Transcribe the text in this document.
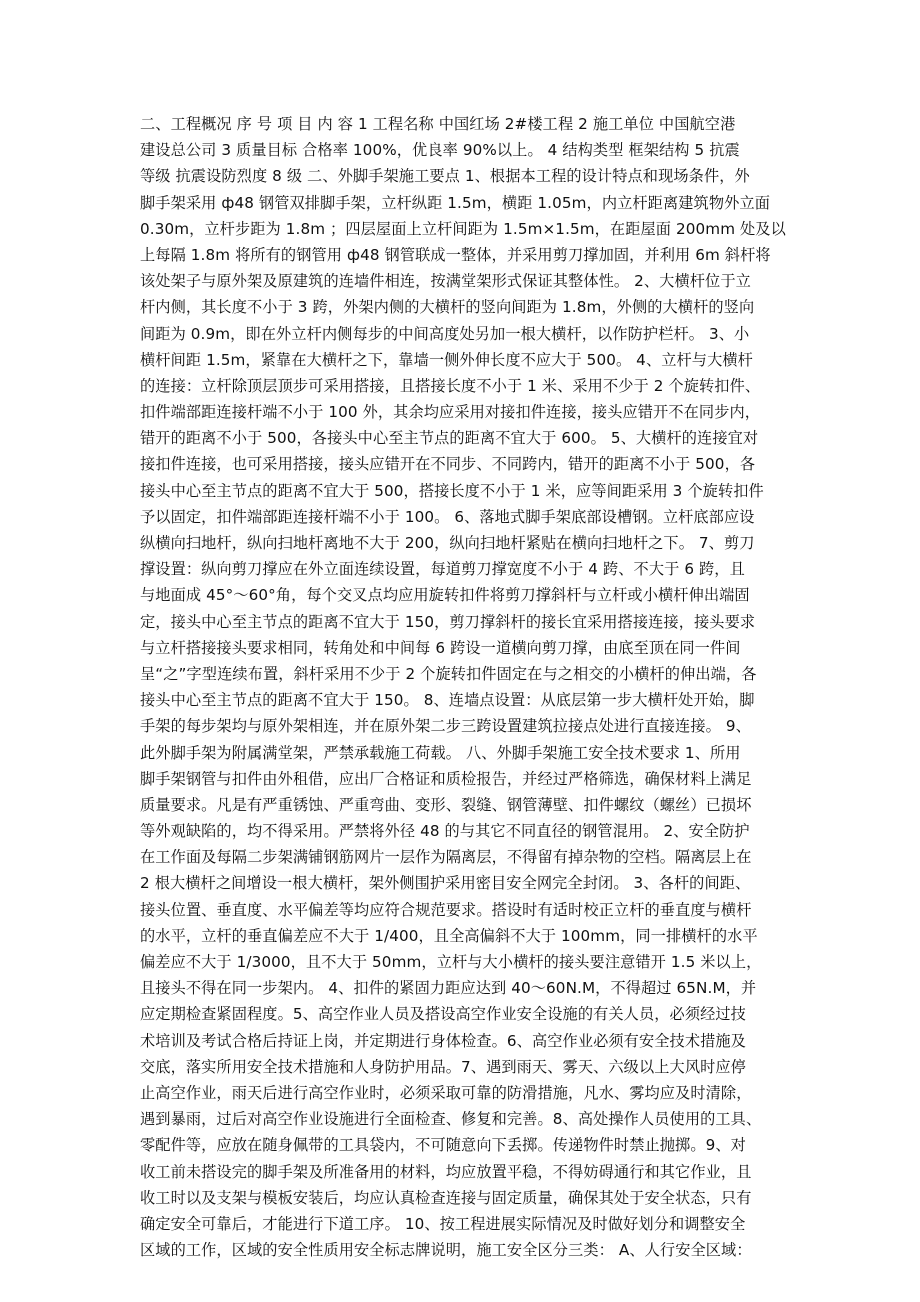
二、工程概况 序 号 项 目 内 容 1 工程名称 中国红场 2#楼工程 2 施工单位 中国航空港
建设总公司 3 质量目标 合格率 100%，优良率 90%以上。 4 结构类型 框架结构 5 抗震
等级 抗震设防烈度 8 级 二、外脚手架施工要点 1、根据本工程的设计特点和现场条件，外
脚手架采用 ф48 钢管双排脚手架，立杆纵距 1.5m，横距 1.05m，内立杆距离建筑物外立面
0.30m，立杆步距为 1.8m ；四层屋面上立杆间距为 1.5m×1.5m，在距屋面 200mm 处及以
上每隔 1.8m 将所有的钢管用 ф48 钢管联成一整体，并采用剪刀撑加固，并利用 6m 斜杆将
该处架子与原外架及原建筑的连墙件相连，按满堂架形式保证其整体性。 2、大横杆位于立
杆内侧，其长度不小于 3 跨，外架内侧的大横杆的竖向间距为 1.8m，外侧的大横杆的竖向
间距为 0.9m，即在外立杆内侧每步的中间高度处另加一根大横杆，以作防护栏杆。 3、小
横杆间距 1.5m，紧靠在大横杆之下，靠墙一侧外伸长度不应大于 500。 4、立杆与大横杆
的连接：立杆除顶层顶步可采用搭接，且搭接长度不小于 1 米、采用不少于 2 个旋转扣件、
扣件端部距连接杆端不小于 100 外，其余均应采用对接扣件连接，接头应错开不在同步内，
错开的距离不小于 500，各接头中心至主节点的距离不宜大于 600。 5、大横杆的连接宜对
接扣件连接，也可采用搭接，接头应错开在不同步、不同跨内，错开的距离不小于 500，各
接头中心至主节点的距离不宜大于 500，搭接长度不小于 1 米，应等间距采用 3 个旋转扣件
予以固定，扣件端部距连接杆端不小于 100。 6、落地式脚手架底部设槽钢。立杆底部应设
纵横向扫地杆，纵向扫地杆离地不大于 200，纵向扫地杆紧贴在横向扫地杆之下。 7、剪刀
撑设置：纵向剪刀撑应在外立面连续设置，每道剪刀撑宽度不小于 4 跨、不大于 6 跨，且
与地面成 45°～60°角，每个交叉点均应用旋转扣件将剪刀撑斜杆与立杆或小横杆伸出端固
定，接头中心至主节点的距离不宜大于 150，剪刀撑斜杆的接长宜采用搭接连接，接头要求
与立杆搭接接头要求相同，转角处和中间每 6 跨设一道横向剪刀撑，由底至顶在同一件间
呈“之”字型连续布置，斜杆采用不少于 2 个旋转扣件固定在与之相交的小横杆的伸出端，各
接头中心至主节点的距离不宜大于 150。 8、连墙点设置：从底层第一步大横杆处开始，脚
手架的每步架均与原外架相连，并在原外架二步三跨设置建筑拉接点处进行直接连接。 9、
此外脚手架为附属满堂架，严禁承载施工荷载。 八、外脚手架施工安全技术要求 1、所用
脚手架钢管与扣件由外租借，应出厂合格证和质检报告，并经过严格筛选，确保材料上满足
质量要求。凡是有严重锈蚀、严重弯曲、变形、裂缝、钢管薄壁、扣件螺纹（螺丝）已损坏
等外观缺陷的，均不得采用。严禁将外径 48 的与其它不同直径的钢管混用。 2、安全防护
在工作面及每隔二步架满铺钢筋网片一层作为隔离层，不得留有掉杂物的空档。隔离层上在
2 根大横杆之间增设一根大横杆，架外侧围护采用密目安全网完全封闭。 3、各杆的间距、
接头位置、垂直度、水平偏差等均应符合规范要求。搭设时有适时校正立杆的垂直度与横杆
的水平，立杆的垂直偏差应不大于 1/400，且全高偏斜不大于 100mm，同一排横杆的水平
偏差应不大于 1/3000，且不大于 50mm，立杆与大小横杆的接头要注意错开 1.5 米以上，
且接头不得在同一步架内。 4、扣件的紧固力距应达到 40～60N.M，不得超过 65N.M，并
应定期检查紧固程度。5、高空作业人员及搭设高空作业安全设施的有关人员，必须经过技
术培训及考试合格后持证上岗，并定期进行身体检查。6、高空作业必须有安全技术措施及
交底，落实所用安全技术措施和人身防护用品。7、遇到雨天、雾天、六级以上大风时应停
止高空作业，雨天后进行高空作业时，必须采取可靠的防滑措施，凡水、雾均应及时清除，
遇到暴雨，过后对高空作业设施进行全面检查、修复和完善。8、高处操作人员使用的工具、
零配件等，应放在随身佩带的工具袋内，不可随意向下丢掷。传递物件时禁止抛掷。9、对
收工前未搭设完的脚手架及所准备用的材料，均应放置平稳，不得妨碍通行和其它作业，且
收工时以及支架与模板安装后，均应认真检查连接与固定质量，确保其处于安全状态，只有
确定安全可靠后，才能进行下道工序。 10、按工程进展实际情况及时做好划分和调整安全
区域的工作，区域的安全性质用安全标志牌说明，施工安全区分三类： A、人行安全区域：
